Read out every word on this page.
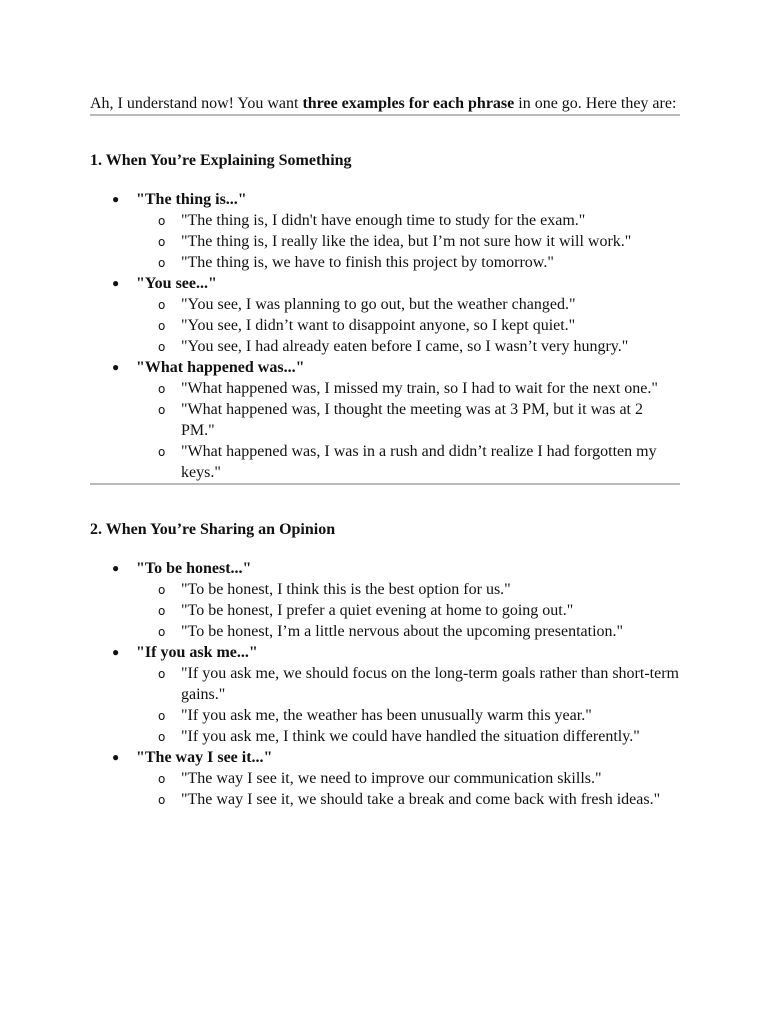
Ah, I understand now! You want three examples for each phrase in one go. Here they are:

1. When You’re Explaining Something

● "The thing is..."
o "The thing is, I didn't have enough time to study for the exam."
o "The thing is, I really like the idea, but I’m not sure how it will work."
o "The thing is, we have to finish this project by tomorrow."
● "You see..."
o "You see, I was planning to go out, but the weather changed."
o "You see, I didn’t want to disappoint anyone, so I kept quiet."
o "You see, I had already eaten before I came, so I wasn’t very hungry."
● "What happened was..."
o "What happened was, I missed my train, so I had to wait for the next one."
o "What happened was, I thought the meeting was at 3 PM, but it was at 2 PM."
o "What happened was, I was in a rush and didn’t realize I had forgotten my keys."

2. When You’re Sharing an Opinion

● "To be honest..."
o "To be honest, I think this is the best option for us."
o "To be honest, I prefer a quiet evening at home to going out."
o "To be honest, I’m a little nervous about the upcoming presentation."
● "If you ask me..."
o "If you ask me, we should focus on the long-term goals rather than short-term gains."
o "If you ask me, the weather has been unusually warm this year."
o "If you ask me, I think we could have handled the situation differently."
● "The way I see it..."
o "The way I see it, we need to improve our communication skills."
o "The way I see it, we should take a break and come back with fresh ideas."
